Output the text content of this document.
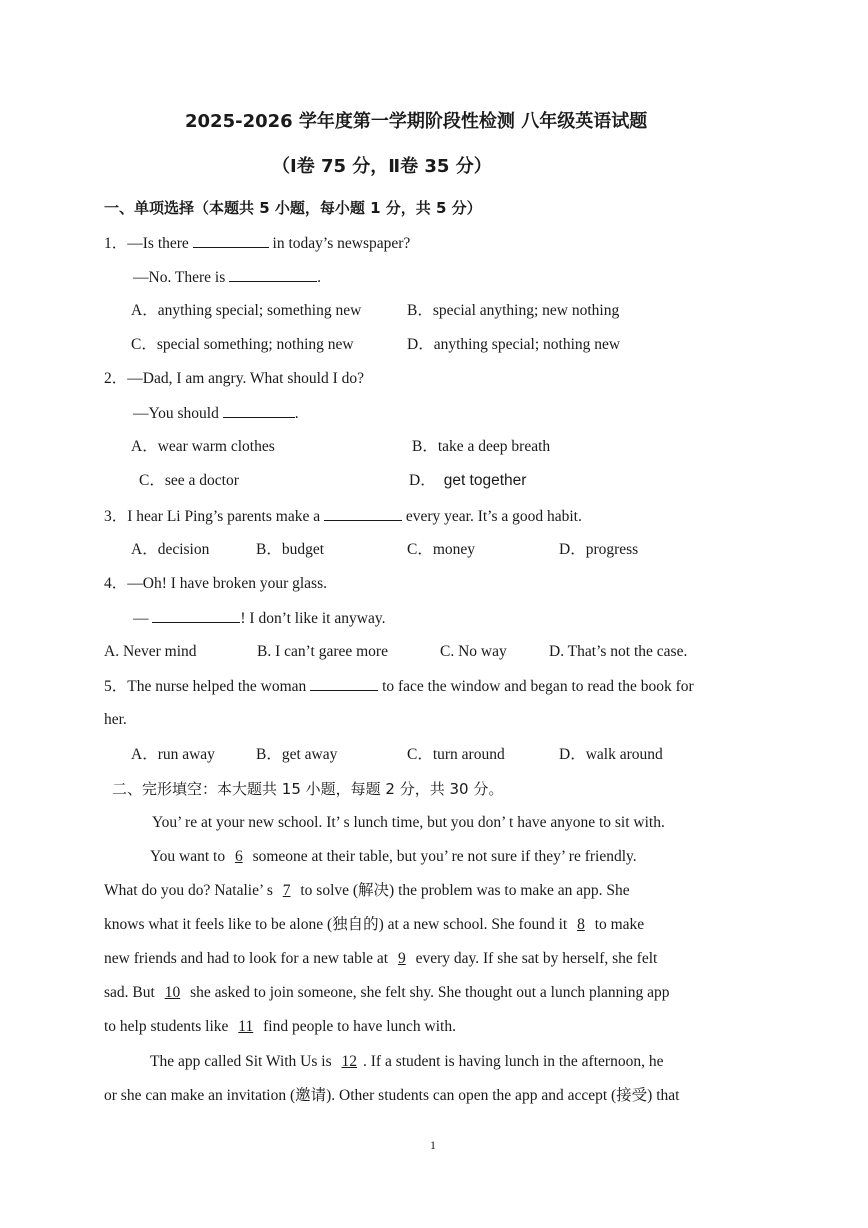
2025-2026 学年度第一学期阶段性检测 八年级英语试题
（Ⅰ卷 75 分，Ⅱ卷 35 分）
一、单项选择（本题共 5 小题，每小题 1 分，共 5 分）
1．—Is there	in today’s newspaper?
—No. There is	.
A．anything special; something new	B．special anything; new nothing
C．special something; nothing new	D．anything special; nothing new
2．—Dad, I am angry. What should I do?
—You should	.
A．wear warm clothes	B．take a deep breath
C．see a doctor	D． get together
3．I hear Li Ping’s parents make a	every year. It’s a good habit.
A．decision	B．budget	C．money	D．progress
4．—Oh! I have broken your glass.
—	! I don’t like it anyway.
A. Never mind	B. I can’t garee more	C. No way	D. That’s not the case.
5．The nurse helped the woman	to face the window and began to read the book for
her.
A．run away	B．get away	C．turn around	D．walk around
二、完形填空：本大题共 15 小题，每题 2 分，共 30 分。
You’ re at your new school. It’ s lunch time, but you don’ t have anyone to sit with.
You want to 6 someone at their table, but you’ re not sure if they’ re friendly.
What do you do? Natalie’ s 7 to solve (解决) the problem was to make an app. She
knows what it feels like to be alone (独自的) at a new school. She found it 8 to make
new friends and had to look for a new table at 9 every day. If she sat by herself, she felt
sad. But 10 she asked to join someone, she felt shy. She thought out a lunch planning app
to help students like 11 find people to have lunch with.
The app called Sit With Us is 12 . If a student is having lunch in the afternoon, he
or she can make an invitation (邀请). Other students can open the app and accept (接受) that
1
